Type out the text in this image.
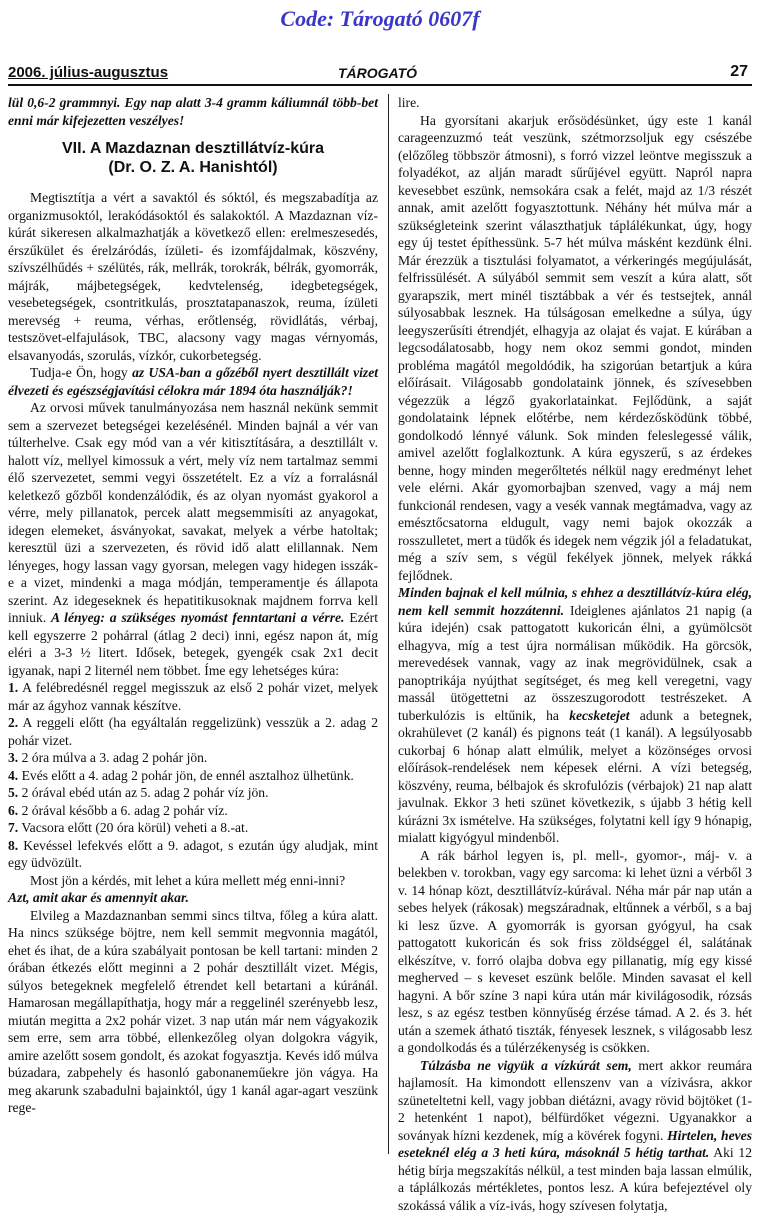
Code: Tárogató 0607f
2006. július-augusztus	TÁROGATÓ	27

lül 0,6-2 grammnyi. Egy nap alatt 3-4 gramm káliumnál több-bet enni már kifejezetten veszélyes!

VII. A Mazdaznan desztillátvíz-kúra
(Dr. O. Z. A. Hanishtól)

Megtisztítja a vért a savaktól és sóktól, és megszabadítja az organizmusoktól, lerakódásoktól és salakoktól. A Mazdaznan víz-kúrát sikeresen alkalmazhatják a következő ellen: erelmeszesedés, érszűkület és érelzáródás, ízületi- és izomfájdalmak, köszvény, szívszélhűdés + szélütés, rák, mellrák, torokrák, bélrák, gyomorrák, májrák, májbetegségek, kedvtelenség, idegbetegségek, vesebetegségek, csontritkulás, prosztatapanaszok, reuma, ízületi merevség + reuma, vérhas, erőtlenség, rövidlátás, vérbaj, testszövet-elfajulások, TBC, alacsony vagy magas vérnyomás, elsavanyodás, szorulás, vízkór, cukorbetegség.

Tudja-e Ön, hogy az USA-ban a gőzéből nyert desztillált vizet élvezeti és egészségjavítási célokra már 1894 óta használják?!

Az orvosi művek tanulmányozása nem használ nekünk semmit sem a szervezet betegségei kezelésénél. Minden bajnál a vér van túlterhelve. Csak egy mód van a vér kitisztítására, a desztillált v. halott víz, mellyel kimossuk a vért, mely víz nem tartalmaz semmi élő szervezetet, semmi vegyi összetételt. Ez a víz a forralásnál keletkező gőzből kondenzálódik, és az olyan nyomást gyakorol a vérre, mely pillanatok, percek alatt megsemmisíti az anyagokat, idegen elemeket, ásványokat, savakat, melyek a vérbe hatoltak; keresztül üzi a szervezeten, és rövid idő alatt elillannak. Nem lényeges, hogy lassan vagy gyorsan, melegen vagy hidegen isszák-e a vizet, mindenki a maga módján, temperamentje és állapota szerint. Az idegeseknek és hepatitikusoknak majdnem forrva kell inniuk. A lényeg: a szükséges nyomást fenntartani a vérre. Ezért kell egyszerre 2 pohárral (átlag 2 deci) inni, egész napon át, míg eléri a 3-3 ½ litert. Idősek, betegek, gyengék csak 2x1 decit igyanak, napi 2 liternél nem többet. Íme egy lehetséges kúra:

1. A felébredésnél reggel megisszuk az első 2 pohár vizet, melyek már az ágyhoz vannak készítve.

2. A reggeli előtt (ha egyáltalán reggelizünk) vesszük a 2. adag 2 pohár vizet.

3. 2 óra múlva a 3. adag 2 pohár jön.

4. Evés előtt a 4. adag 2 pohár jön, de ennél asztalhoz ülhetünk.

5. 2 órával ebéd után az 5. adag 2 pohár víz jön.

6. 2 órával később a 6. adag 2 pohár víz.

7. Vacsora előtt (20 óra körül) veheti a 8.-at.

8. Kevéssel lefekvés előtt a 9. adagot, s ezután úgy aludjak, mint egy üdvözült.

Most jön a kérdés, mit lehet a kúra mellett még enni-inni?

Azt, amit akar és amennyit akar.

Elvileg a Mazdaznanban semmi sincs tiltva, főleg a kúra alatt. Ha nincs szüksége böjtre, nem kell semmit megvonnia magától, ehet és ihat, de a kúra szabályait pontosan be kell tartani: minden 2 órában étkezés előtt meginni a 2 pohár desztillált vizet. Mégis, súlyos betegeknek megfelelő étrendet kell betartani a kúránál. Hamarosan megállapíthatja, hogy már a reggelinél szerényebb lesz, miután megitta a 2x2 pohár vizet. 3 nap után már nem vágyakozik sem erre, sem arra többé, ellenkezőleg olyan dolgokra vágyik, amire azelőtt sosem gondolt, és azokat fogyasztja. Kevés idő múlva búzadara, zabpehely és hasonló gabonaneműekre jön vágya. Ha meg akarunk szabadulni bajainktól, úgy 1 kanál agar-agart veszünk rege-

lire.

Ha gyorsítani akarjuk erősödésünket, úgy este 1 kanál carageenzuzmó teát veszünk, szétmorzsoljuk egy csészébe (előzőleg többször átmosni), s forró vizzel leöntve megisszuk a folyadékot, az alján maradt sűrűjével együtt. Napról napra kevesebbet eszünk, nemsokára csak a felét, majd az 1/3 részét annak, amit azelőtt fogyasztottunk. Néhány hét múlva már a szükségleteink szerint választhatjuk táplálékunkat, úgy, hogy egy új testet építhessünk. 5-7 hét múlva másként kezdünk élni. Már érezzük a tisztulási folyamatot, a vérkeringés megújulását, felfrissülését. A súlyából semmit sem veszít a kúra alatt, sőt gyarapszik, mert minél tisztábbak a vér és testsejtek, annál súlyosabbak lesznek. Ha túlságosan emelkedne a súlya, úgy leegyszerűsíti étrendjét, elhagyja az olajat és vajat. E kúrában a legcsodálatosabb, hogy nem okoz semmi gondot, minden probléma magától megoldódik, ha szigorúan betartjuk a kúra előírásait. Világosabb gondolataink jönnek, és szívesebben végezzük a légző gyakorlatainkat. Fejlődünk, a saját gondolataink lépnek előtérbe, nem kérdezősködünk többé, gondolkodó lénnyé válunk. Sok minden feleslegessé válik, amivel azelőtt foglalkoztunk. A kúra egyszerű, s az érdekes benne, hogy minden megerőltetés nélkül nagy eredményt lehet vele elérni. Akár gyomorbajban szenved, vagy a máj nem funkcionál rendesen, vagy a vesék vannak megtámadva, vagy az emésztőcsatorna eldugult, vagy nemi bajok okozzák a rosszulletet, mert a tüdők és idegek nem végzik jól a feladatukat, még a szív sem, s végül fekélyek jönnek, melyek rákká fejlődnek.

Minden bajnak el kell múlnia, s ehhez a desztillátvíz-kúra elég, nem kell semmit hozzátenni. Ideiglenes ajánlatos 21 napig (a kúra idején) csak pattogatott kukoricán élni, a gyümölcsöt elhagyva, míg a test újra normálisan működik. Ha görcsök, merevedések vannak, vagy az inak megrövidülnek, csak a panoptrikája nyújthat segítséget, és meg kell veregetni, vagy massál ütögettetni az összeszugorodott testrészeket. A tuberkulózis is eltűnik, ha kecsketejet adunk a betegnek, okrahülevet (2 kanál) és pignons teát (1 kanál). A legsúlyosabb cukorbaj 6 hónap alatt elmúlik, melyet a közönséges orvosi előírások-rendelések nem képesek elérni. A vízi betegség, köszvény, reuma, bélbajok és skrofulózis (vérbajok) 21 nap alatt javulnak. Ekkor 3 heti szünet következik, s újabb 3 hétig kell kúrázni 3x ismételve. Ha szükséges, folytatni kell így 9 hónapig, mialatt kigyógyul mindenből.

A rák bárhol legyen is, pl. mell-, gyomor-, máj- v. a belekben v. torokban, vagy egy sarcoma: ki lehet üzni a vérből 3 v. 14 hónap közt, desztillátvíz-kúrával. Néha már pár nap után a sebes helyek (rákosak) megszáradnak, eltűnnek a vérből, s a baj ki lesz űzve. A gyomorrák is gyorsan gyógyul, ha csak pattogatott kukoricán és sok friss zöldséggel él, salátának elkészítve, v. forró olajba dobva egy pillanatig, míg egy kissé megherved – s keveset eszünk belőle. Minden savasat el kell hagyni. A bőr színe 3 napi kúra után már kivilágosodik, rózsás lesz, s az egész testben könnyűség érzése támad. A 2. és 3. hét után a szemek átható tiszták, fényesek lesznek, s világosabb lesz a gondolkodás és a túlérzékenység is csökken.

Túlzásba ne vigyük a vízkúrát sem, mert akkor reumára hajlamosít. Ha kimondott ellenszenv van a vízivásra, akkor szüneteltetni kell, vagy jobban diétázni, avagy rövid böjtöket (1-2 hetenként 1 napot), bélfürdőket végezni. Ugyanakkor a soványak hízni kezdenek, míg a kövérek fogyni. Hirtelen, heves eseteknél elég a 3 heti kúra, másoknál 5 hétig tarthat. Aki 12 hétig bírja megszakítás nélkül, a test minden baja lassan elmúlik, a táplálkozás mértékletes, pontos lesz. A kúra befejeztével oly szokássá válik a víz-ivás, hogy szívesen folytatja,
